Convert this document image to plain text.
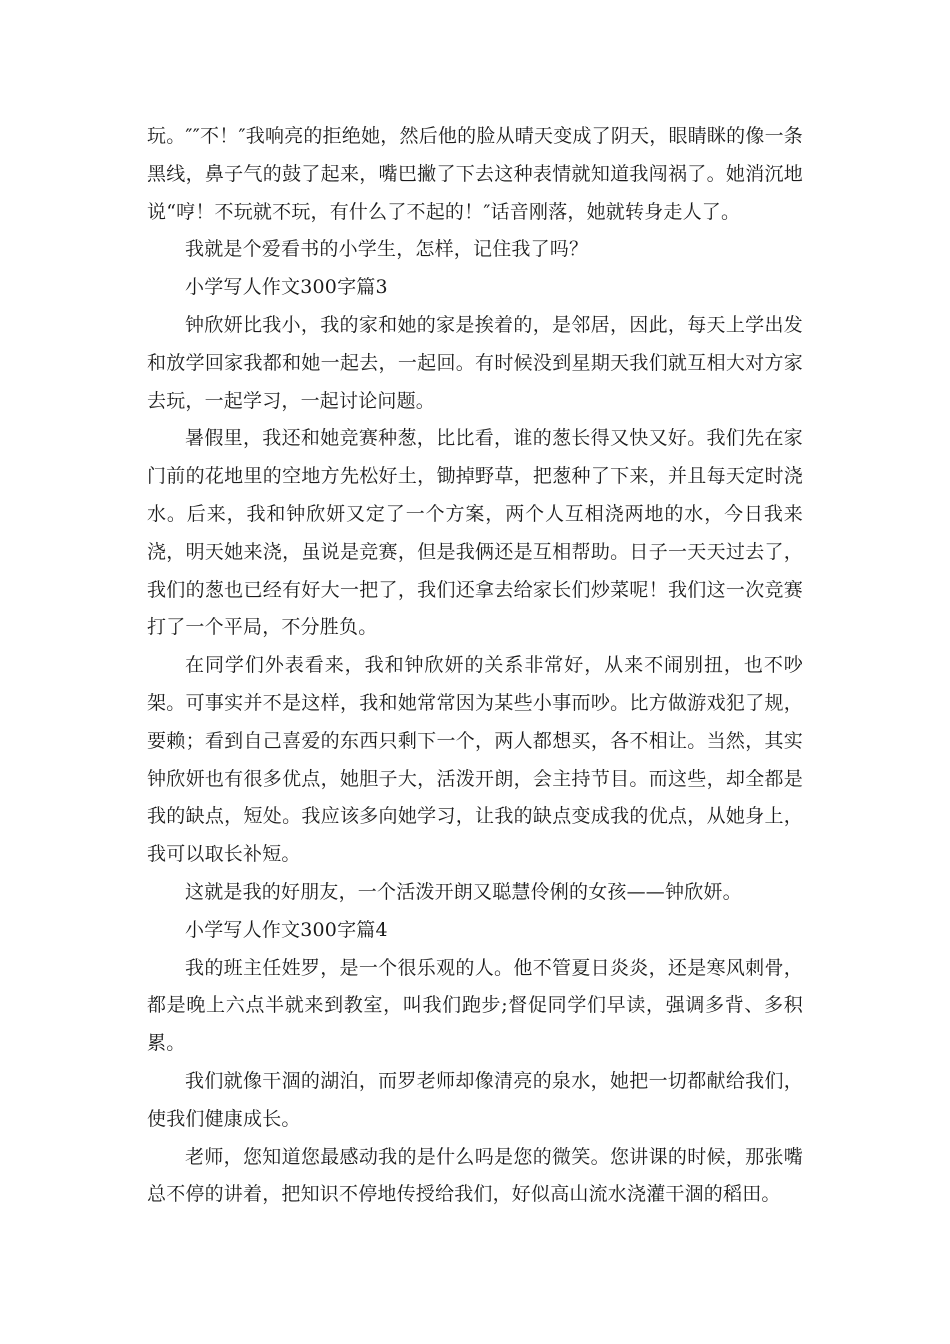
玩。″″不！″我响亮的拒绝她，然后他的脸从晴天变成了阴天，眼睛眯的像一条黑线，鼻子气的鼓了起来，嘴巴撇了下去这种表情就知道我闯祸了。她消沉地说“哼！不玩就不玩，有什么了不起的！″话音刚落，她就转身走人了。

我就是个爱看书的小学生，怎样，记住我了吗？

小学写人作文300字篇3

钟欣妍比我小，我的家和她的家是挨着的，是邻居，因此，每天上学出发和放学回家我都和她一起去，一起回。有时候没到星期天我们就互相大对方家去玩，一起学习，一起讨论问题。

暑假里，我还和她竞赛种葱，比比看，谁的葱长得又快又好。我们先在家门前的花地里的空地方先松好土，锄掉野草，把葱种了下来，并且每天定时浇水。后来，我和钟欣妍又定了一个方案，两个人互相浇两地的水，今日我来浇，明天她来浇，虽说是竞赛，但是我俩还是互相帮助。日子一天天过去了，我们的葱也已经有好大一把了，我们还拿去给家长们炒菜呢！我们这一次竞赛打了一个平局，不分胜负。

在同学们外表看来，我和钟欣妍的关系非常好，从来不闹别扭，也不吵架。可事实并不是这样，我和她常常因为某些小事而吵。比方做游戏犯了规，要赖；看到自己喜爱的东西只剩下一个，两人都想买，各不相让。当然，其实钟欣妍也有很多优点，她胆子大，活泼开朗，会主持节目。而这些，却全都是我的缺点，短处。我应该多向她学习，让我的缺点变成我的优点，从她身上，我可以取长补短。

这就是我的好朋友，一个活泼开朗又聪慧伶俐的女孩——钟欣妍。

小学写人作文300字篇4

我的班主任姓罗，是一个很乐观的人。他不管夏日炎炎，还是寒风刺骨，都是晚上六点半就来到教室，叫我们跑步;督促同学们早读，强调多背、多积累。

我们就像干涸的湖泊，而罗老师却像清亮的泉水，她把一切都献给我们，使我们健康成长。

老师，您知道您最感动我的是什么吗是您的微笑。您讲课的时候，那张嘴总不停的讲着，把知识不停地传授给我们，好似高山流水浇灌干涸的稻田。
